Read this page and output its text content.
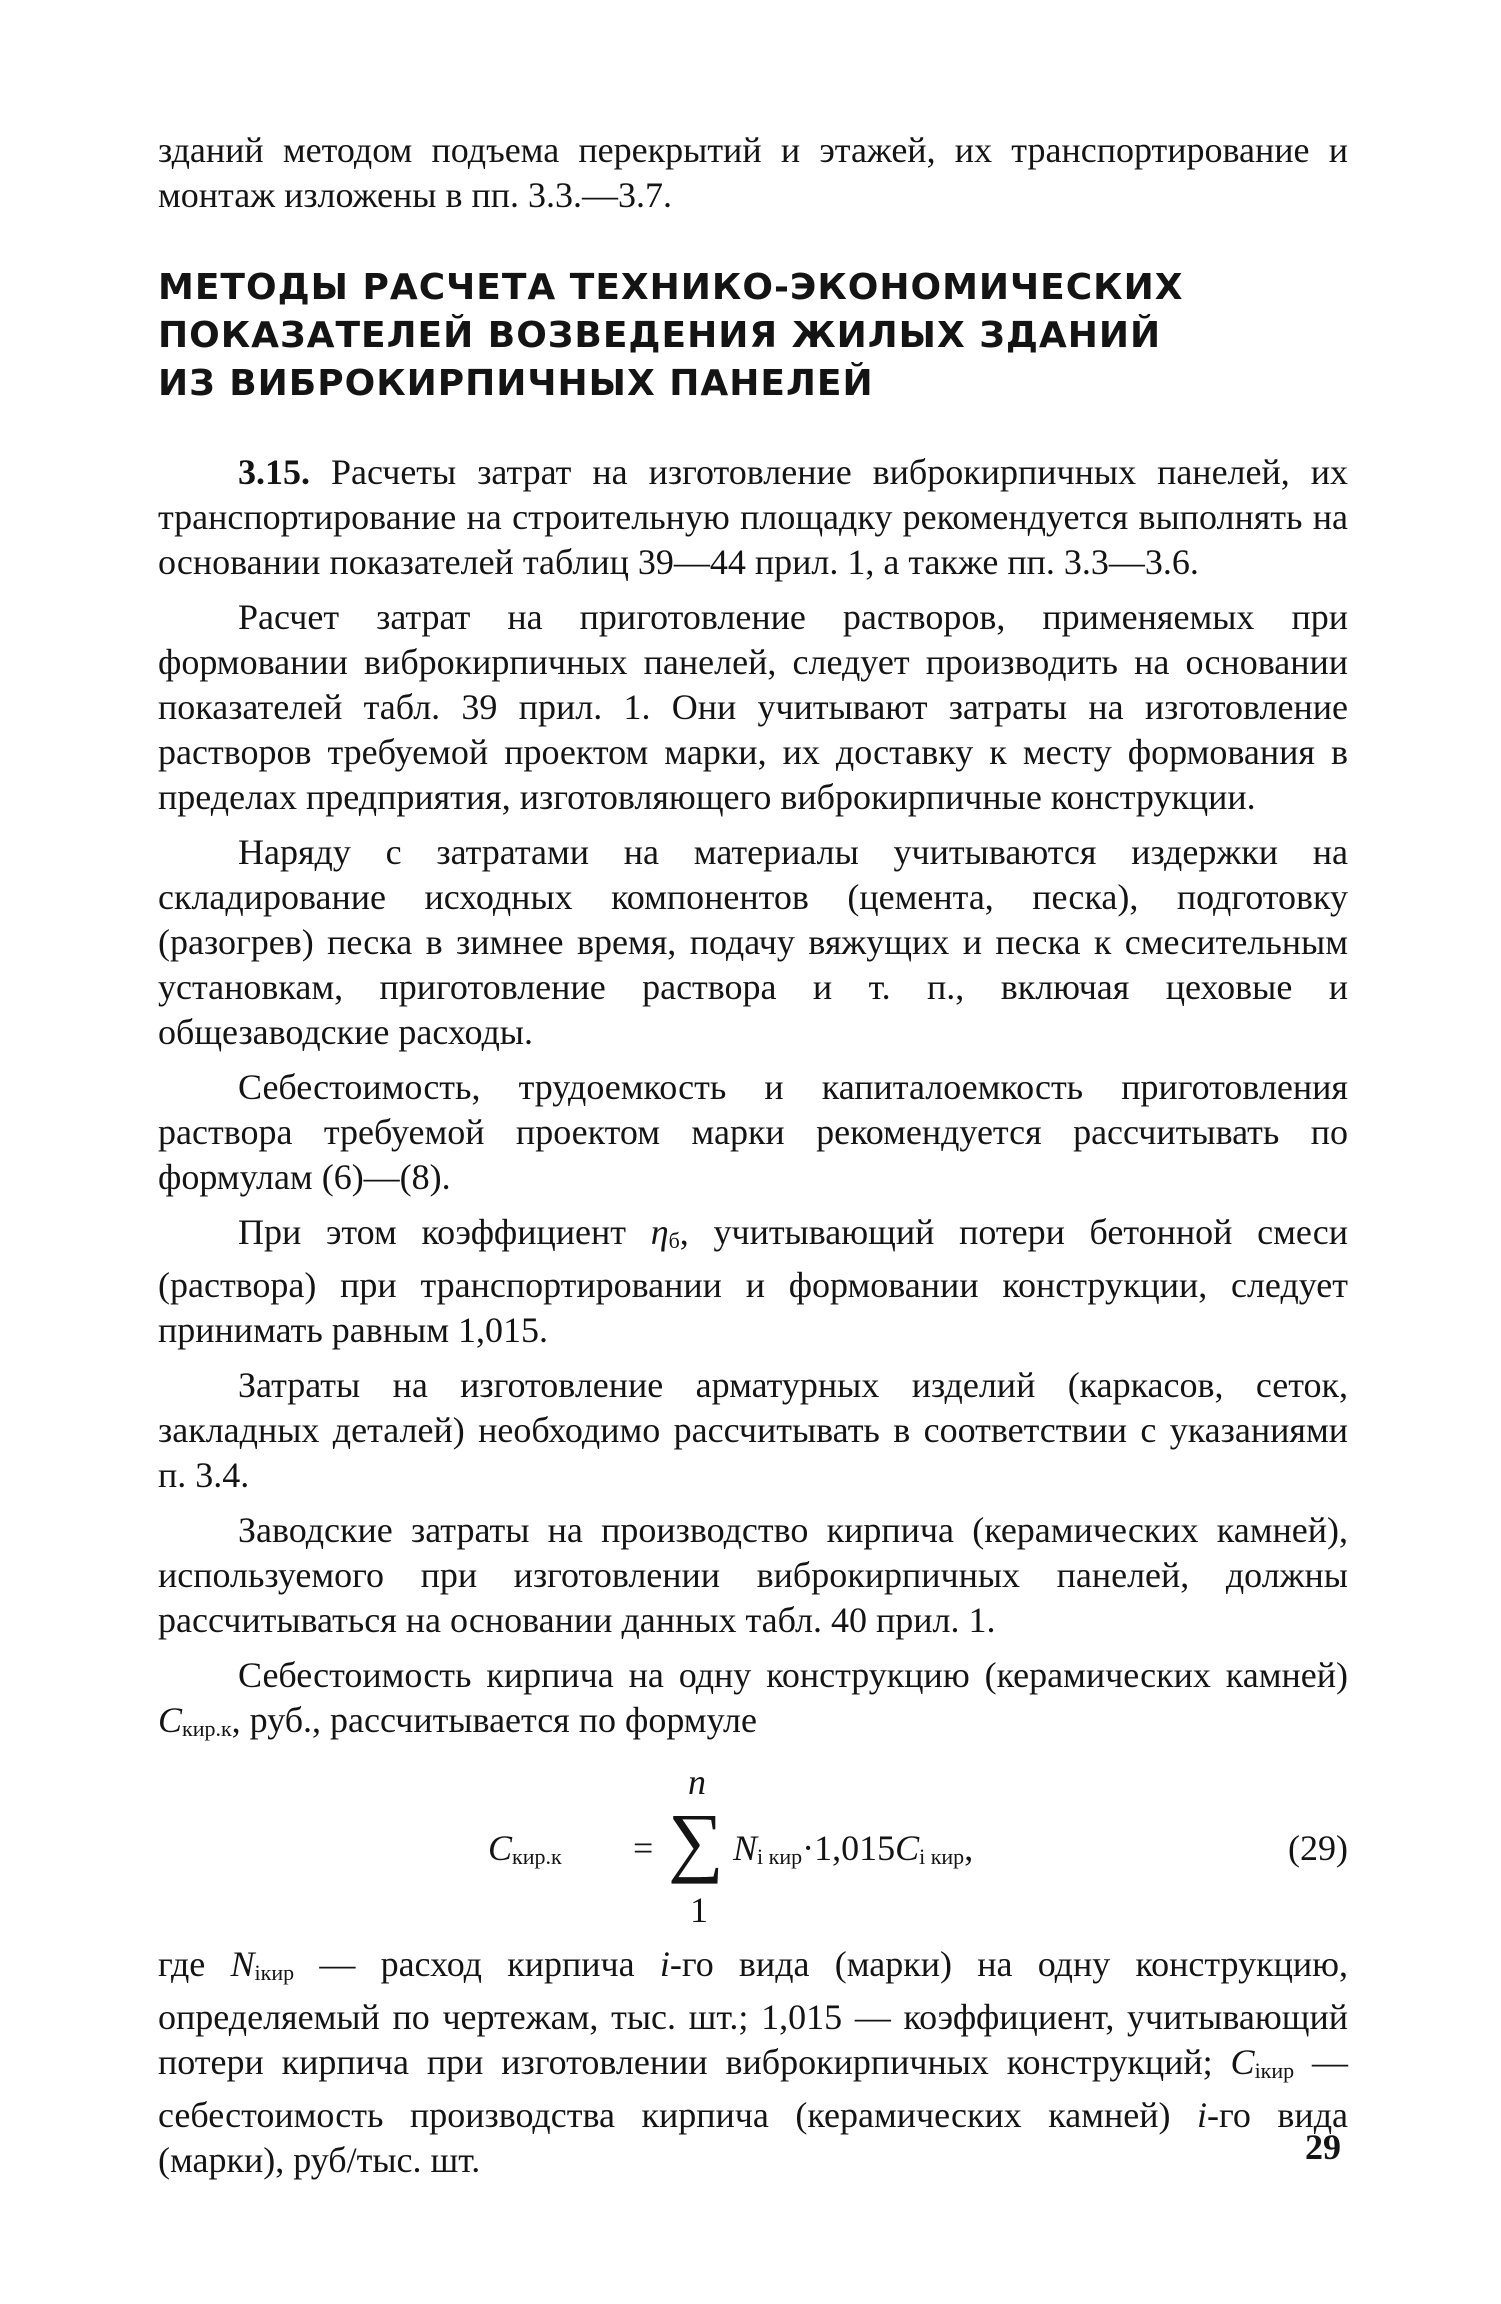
зданий методом подъема перекрытий и этажей, их транспортирование и монтаж изложены в пп. 3.3.—3.7.

МЕТОДЫ РАСЧЕТА ТЕХНИКО-ЭКОНОМИЧЕСКИХ
ПОКАЗАТЕЛЕЙ ВОЗВЕДЕНИЯ ЖИЛЫХ ЗДАНИЙ
ИЗ ВИБРОКИРПИЧНЫХ ПАНЕЛЕЙ

3.15. Расчеты затрат на изготовление виброкирпичных панелей, их транспортирование на строительную площадку рекомендуется выполнять на основании показателей таблиц 39—44 прил. 1, а также пп. 3.3—3.6.

Расчет затрат на приготовление растворов, применяемых при формовании виброкирпичных панелей, следует производить на основании показателей табл. 39 прил. 1. Они учитывают затраты на изготовление растворов требуемой проектом марки, их доставку к месту формования в пределах предприятия, изготовляющего виброкирпичные конструкции.

Наряду с затратами на материалы учитываются издержки на складирование исходных компонентов (цемента, песка), подготовку (разогрев) песка в зимнее время, подачу вяжущих и песка к смесительным установкам, приготовление раствора и т. п., включая цеховые и общезаводские расходы.

Себестоимость, трудоемкость и капиталоемкость приготовления раствора требуемой проектом марки рекомендуется рассчитывать по формулам (6)—(8).

При этом коэффициент ηб, учитывающий потери бетонной смеси (раствора) при транспортировании и формовании конструкции, следует принимать равным 1,015.

Затраты на изготовление арматурных изделий (каркасов, сеток, закладных деталей) необходимо рассчитывать в соответствии с указаниями п. 3.4.

Заводские затраты на производство кирпича (керамических камней), используемого при изготовлении виброкирпичных панелей, должны рассчитываться на основании данных табл. 40 прил. 1.

Себестоимость кирпича на одну конструкцию (керамических камней) Cкир.к, руб., рассчитывается по формуле

Cкир.к =
n
∑
1
Ni кир·1,015Ci кир,	(29)

где Niкир — расход кирпича i-го вида (марки) на одну конструкцию, определяемый по чертежам, тыс. шт.; 1,015 — коэффициент, учитывающий потери кирпича при изготовлении виброкирпичных конструкций; Ciкир — себестоимость производства кирпича (керамических камней) i-го вида (марки), руб/тыс. шт.	29
